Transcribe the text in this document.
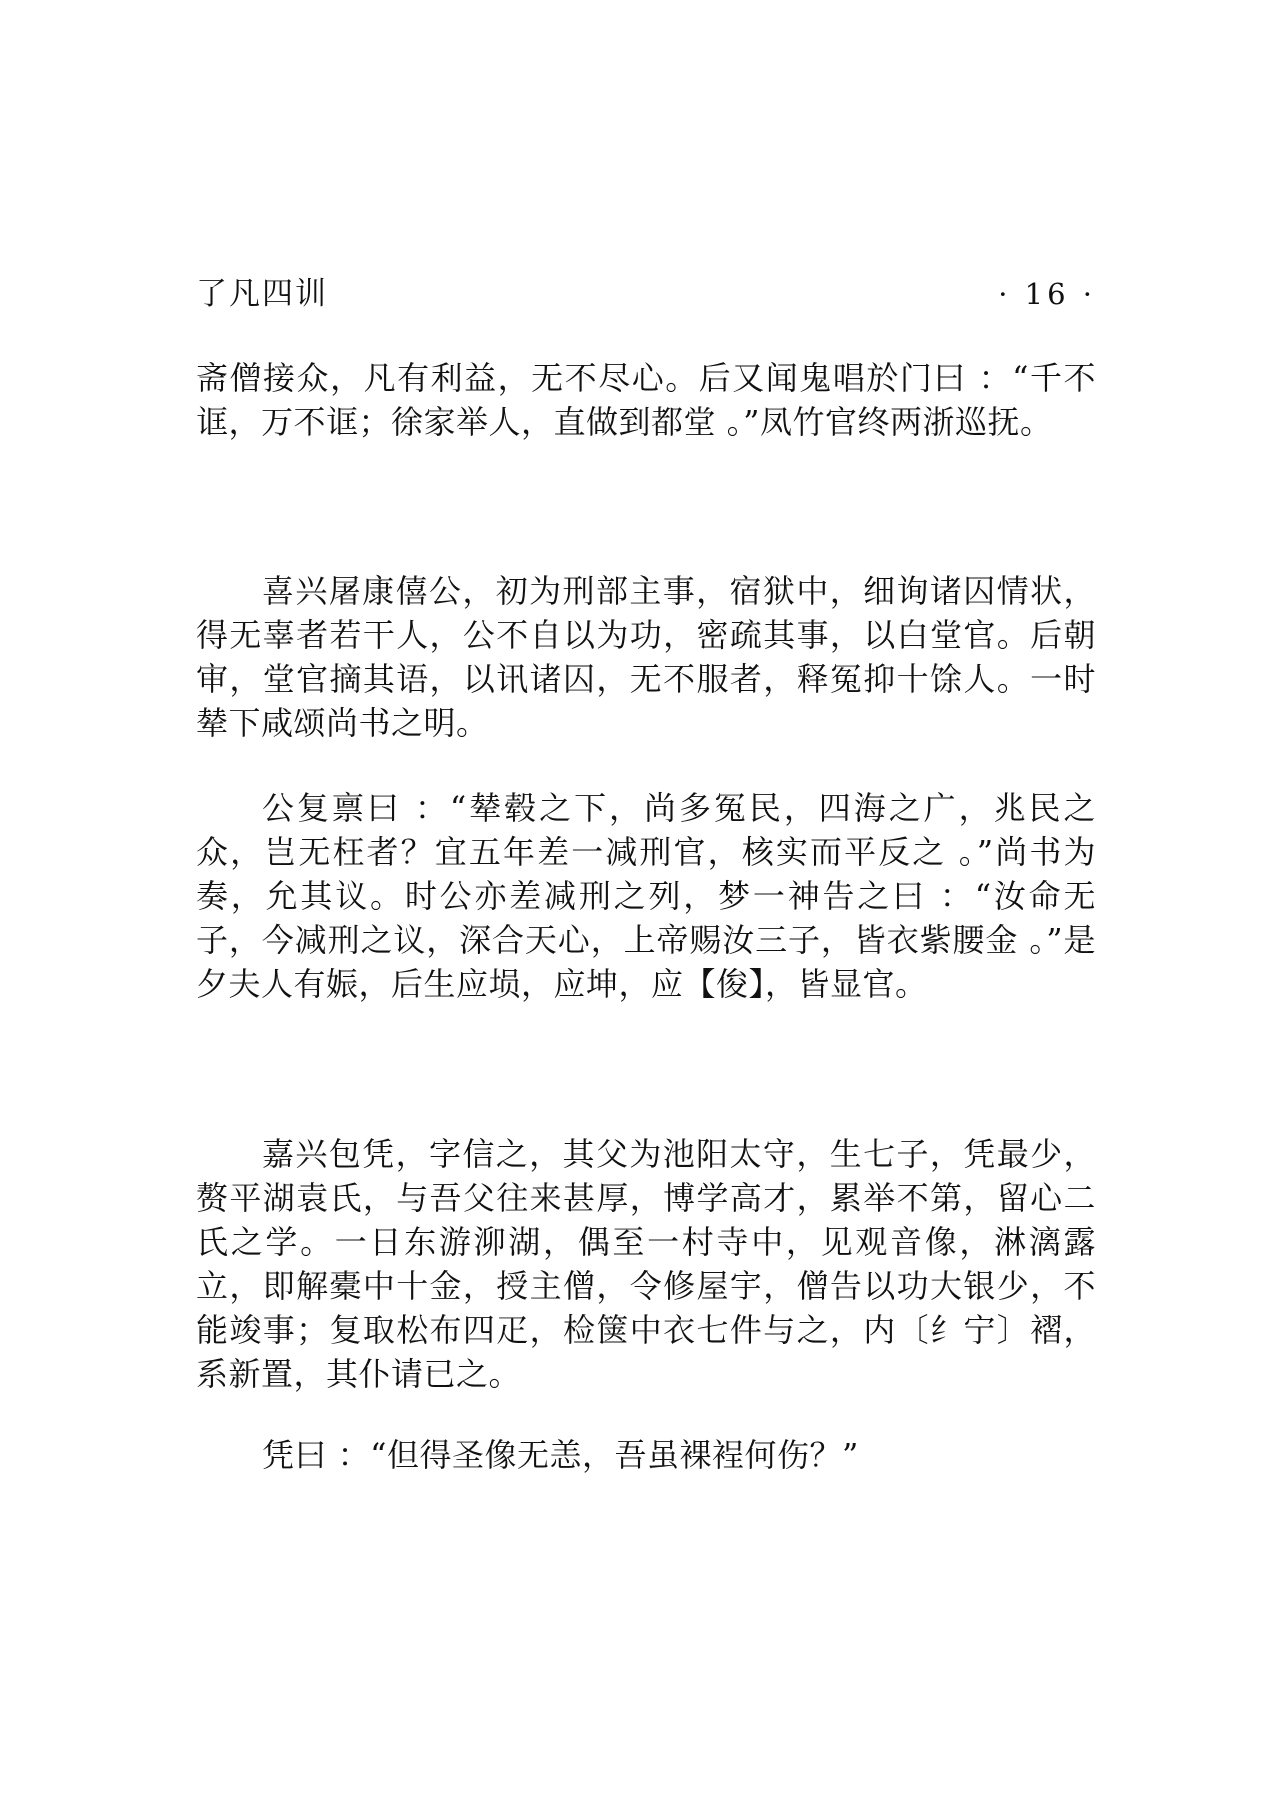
了凡四训	· 16 ·

斋僧接众，凡有利益，无不尽心。后又闻鬼唱於门曰 ：“千不诓，万不诓；徐家举人，直做到都堂 。”凤竹官终两浙巡抚。

喜兴屠康僖公，初为刑部主事，宿狱中，细询诸囚情状，得无辜者若干人，公不自以为功，密疏其事，以白堂官。后朝审，堂官摘其语，以讯诸囚，无不服者，释冤抑十馀人。一时辇下咸颂尚书之明。

公复禀曰 ：“辇毂之下，尚多冤民，四海之广，兆民之众，岂无枉者？宜五年差一减刑官，核实而平反之 。”尚书为奏，允其议。时公亦差减刑之列，梦一神告之曰 ：“汝命无子，今减刑之议，深合天心，上帝赐汝三子，皆衣紫腰金 。”是夕夫人有娠，后生应埙，应坤，应【俊】，皆显官。

嘉兴包凭，字信之，其父为池阳太守，生七子，凭最少，赘平湖袁氏，与吾父往来甚厚，博学高才，累举不第，留心二氏之学。一日东游泖湖，偶至一村寺中，见观音像，淋漓露立，即解橐中十金，授主僧，令修屋宇，僧告以功大银少，不能竣事；复取松布四疋，检箧中衣七件与之，内〔纟宁〕褶，系新置，其仆请已之。

凭曰 ：“但得圣像无恙，吾虽裸裎何伤？”
